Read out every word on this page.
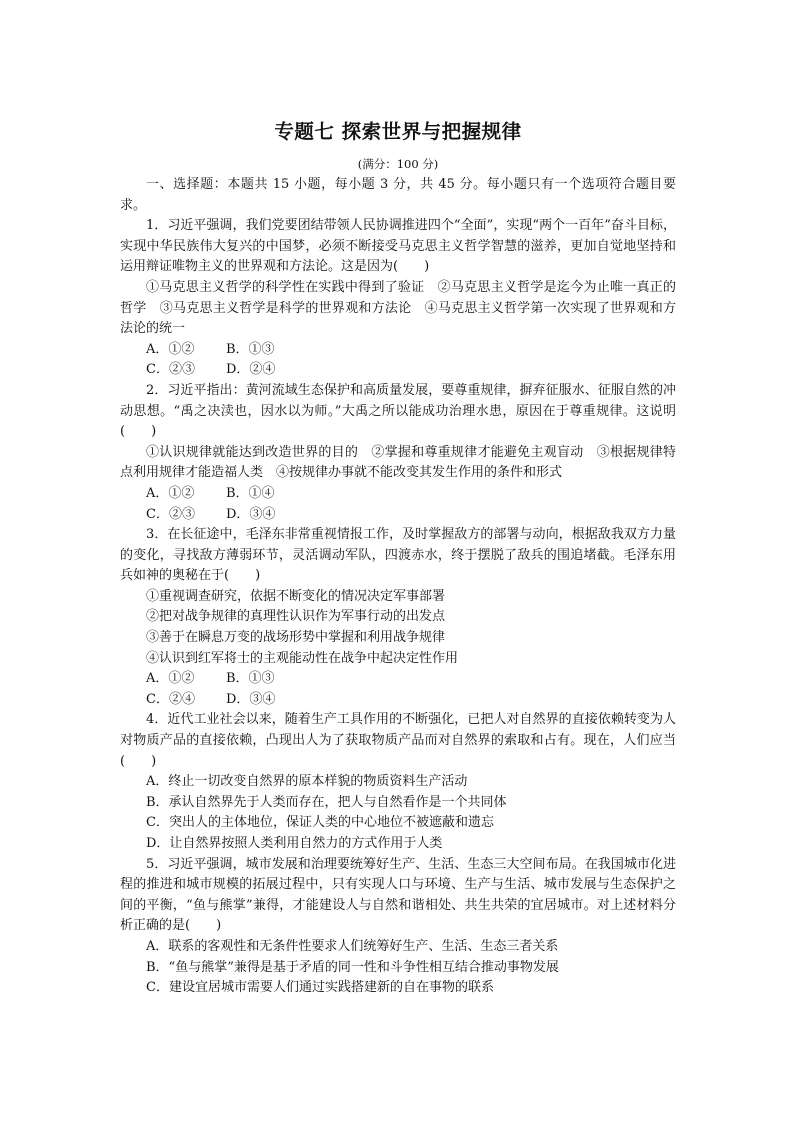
专题七 探索世界与把握规律
(满分：100 分)

一、选择题：本题共 15 小题，每小题 3 分，共 45 分。每小题只有一个选项符合题目要求。

1．习近平强调，我们党要团结带领人民协调推进四个“全面”，实现“两个一百年”奋斗目标，实现中华民族伟大复兴的中国梦，必须不断接受马克思主义哲学智慧的滋养，更加自觉地坚持和运用辩证唯物主义的世界观和方法论。这是因为(　　)

①马克思主义哲学的科学性在实践中得到了验证　②马克思主义哲学是迄今为止唯一真正的哲学　③马克思主义哲学是科学的世界观和方法论　④马克思主义哲学第一次实现了世界观和方法论的统一

A．①② B．①③

C．②③ D．②④

2．习近平指出：黄河流域生态保护和高质量发展，要尊重规律，摒弃征服水、征服自然的冲动思想。“禹之决渎也，因水以为师。”大禹之所以能成功治理水患，原因在于尊重规律。这说明(　　)

①认识规律就能达到改造世界的目的　②掌握和尊重规律才能避免主观盲动　③根据规律特点利用规律才能造福人类　④按规律办事就不能改变其发生作用的条件和形式

A．①② B．①④

C．②③ D．③④

3．在长征途中，毛泽东非常重视情报工作，及时掌握敌方的部署与动向，根据敌我双方力量的变化，寻找敌方薄弱环节，灵活调动军队，四渡赤水，终于摆脱了敌兵的围追堵截。毛泽东用兵如神的奥秘在于(　　)

①重视调查研究，依据不断变化的情况决定军事部署

②把对战争规律的真理性认识作为军事行动的出发点

③善于在瞬息万变的战场形势中掌握和利用战争规律

④认识到红军将士的主观能动性在战争中起决定性作用

A．①② B．①③

C．②④ D．③④

4．近代工业社会以来，随着生产工具作用的不断强化，已把人对自然界的直接依赖转变为人对物质产品的直接依赖，凸现出人为了获取物质产品而对自然界的索取和占有。现在，人们应当(　　)

A．终止一切改变自然界的原本样貌的物质资料生产活动

B．承认自然界先于人类而存在，把人与自然看作是一个共同体

C．突出人的主体地位，保证人类的中心地位不被遮蔽和遗忘

D．让自然界按照人类利用自然力的方式作用于人类

5．习近平强调，城市发展和治理要统筹好生产、生活、生态三大空间布局。在我国城市化进程的推进和城市规模的拓展过程中，只有实现人口与环境、生产与生活、城市发展与生态保护之间的平衡，“鱼与熊掌”兼得，才能建设人与自然和谐相处、共生共荣的宜居城市。对上述材料分析正确的是(　　)

A．联系的客观性和无条件性要求人们统筹好生产、生活、生态三者关系

B．“鱼与熊掌”兼得是基于矛盾的同一性和斗争性相互结合推动事物发展

C．建设宜居城市需要人们通过实践搭建新的自在事物的联系
